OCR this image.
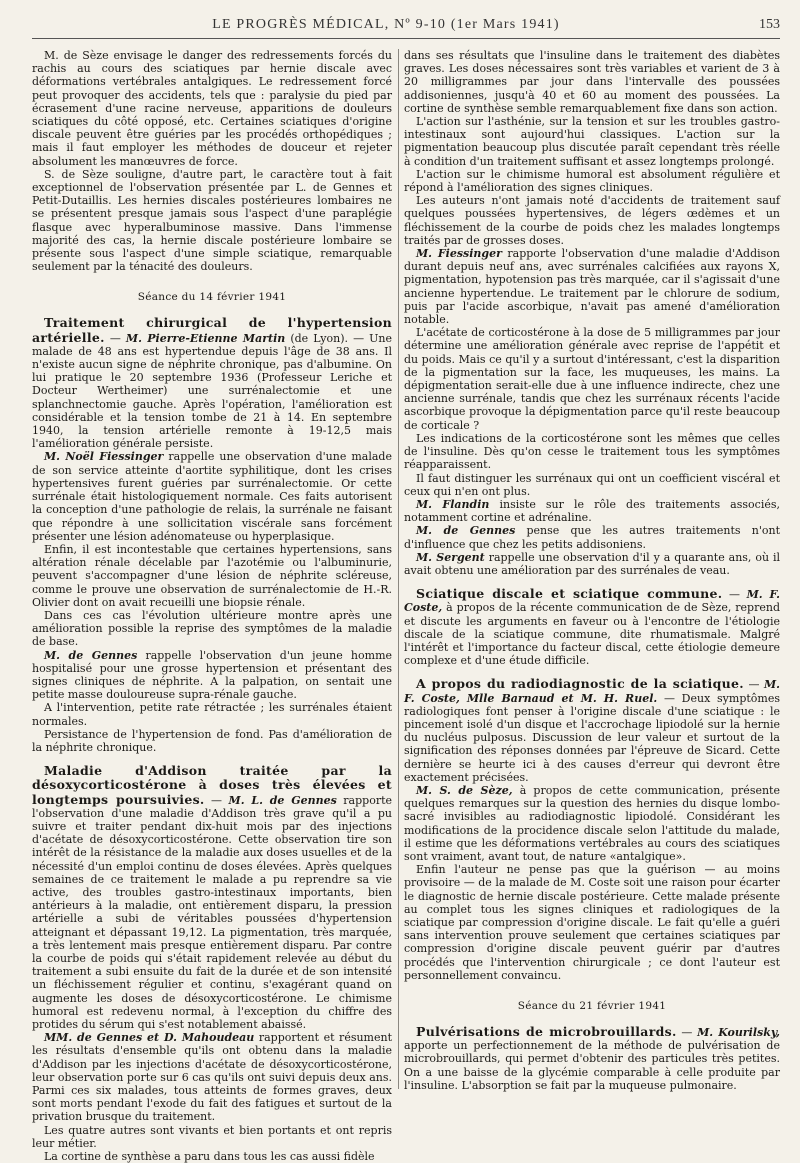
LE PROGRÈS MÉDICAL, Nº 9-10 (1er Mars 1941)	153

M. de Sèze envisage le danger des redressements forcés du rachis au cours des sciatiques par hernie discale avec déformations vertébrales antalgiques. Le redressement forcé peut provoquer des accidents, tels que : paralysie du pied par écrasement d'une racine nerveuse, apparitions de douleurs sciatiques du côté opposé, etc. Certaines sciatiques d'origine discale peuvent être guéries par les procédés orthopédiques ; mais il faut employer les méthodes de douceur et rejeter absolument les manœuvres de force.

S. de Sèze souligne, d'autre part, le caractère tout à fait exceptionnel de l'observation présentée par L. de Gennes et Petit-Dutaillis. Les hernies discales postérieures lombaires ne se présentent presque jamais sous l'aspect d'une paraplégie flasque avec hyperalbuminose massive. Dans l'immense majorité des cas, la hernie discale postérieure lombaire se présente sous l'aspect d'une simple sciatique, remarquable seulement par la ténacité des douleurs.

Séance du 14 février 1941

Traitement chirurgical de l'hypertension artérielle. — M. Pierre-Etienne Martin (de Lyon). — Une malade de 48 ans est hypertendue depuis l'âge de 38 ans. Il n'existe aucun signe de néphrite chronique, pas d'albumine. On lui pratique le 20 septembre 1936 (Professeur Leriche et Docteur Wertheimer) une surrénalectomie et une splanchnectomie gauche. Après l'opération, l'amélioration est considérable et la tension tombe de 21 à 14. En septembre 1940, la tension artérielle remonte à 19-12,5 mais l'amélioration générale persiste.

M. Noël Fiessinger rappelle une observation d'une malade de son service atteinte d'aortite syphilitique, dont les crises hypertensives furent guéries par surrénalectomie. Or cette surrénale était histologiquement normale. Ces faits autorisent la conception d'une pathologie de relais, la surrénale ne faisant que répondre à une sollicitation viscérale sans forcément présenter une lésion adénomateuse ou hyperplasique.

Enfin, il est incontestable que certaines hypertensions, sans altération rénale décelable par l'azotémie ou l'albuminurie, peuvent s'accompagner d'une lésion de néphrite scléreuse, comme le prouve une observation de surrénalectomie de H.-R. Olivier dont on avait recueilli une biopsie rénale.

Dans ces cas l'évolution ultérieure montre après une amélioration possible la reprise des symptômes de la maladie de base.

M. de Gennes rappelle l'observation d'un jeune homme hospitalisé pour une grosse hypertension et présentant des signes cliniques de néphrite. A la palpation, on sentait une petite masse douloureuse supra-rénale gauche.

A l'intervention, petite rate rétractée ; les surrénales étaient normales.

Persistance de l'hypertension de fond. Pas d'amélioration de la néphrite chronique.

Maladie d'Addison traitée par la désoxycorticostérone à doses très élevées et longtemps poursuivies. — M. L. de Gennes rapporte l'observation d'une maladie d'Addison très grave qu'il a pu suivre et traiter pendant dix-huit mois par des injections d'acétate de désoxycorticostérone. Cette observation tire son intérêt de la résistance de la maladie aux doses usuelles et de la nécessité d'un emploi continu de doses élevées. Après quelques semaines de ce traitement le malade a pu reprendre sa vie active, des troubles gastro-intestinaux importants, bien antérieurs à la maladie, ont entièrement disparu, la pression artérielle a subi de véritables poussées d'hypertension atteignant et dépassant 19,12. La pigmentation, très marquée, a très lentement mais presque entièrement disparu. Par contre la courbe de poids qui s'était rapidement relevée au début du traitement a subi ensuite du fait de la durée et de son intensité un fléchissement régulier et continu, s'exagérant quand on augmente les doses de désoxycorticostérone. Le chimisme humoral est redevenu normal, à l'exception du chiffre des protides du sérum qui s'est notablement abaissé.

MM. de Gennes et D. Mahoudeau rapportent et résument les résultats d'ensemble qu'ils ont obtenu dans la maladie d'Addison par les injections d'acétate de désoxycorticostérone, leur observation porte sur 6 cas qu'ils ont suivi depuis deux ans. Parmi ces six malades, tous atteints de formes graves, deux sont morts pendant l'exode du fait des fatigues et surtout de la privation brusque du traitement.

Les quatre autres sont vivants et bien portants et ont repris leur métier.

La cortine de synthèse a paru dans tous les cas aussi fidèle

dans ses résultats que l'insuline dans le traitement des diabètes graves. Les doses nécessaires sont très variables et varient de 3 à 20 milligrammes par jour dans l'intervalle des poussées addisoniennes, jusqu'à 40 et 60 au moment des poussées. La cortine de synthèse semble remarquablement fixe dans son action.

L'action sur l'asthénie, sur la tension et sur les troubles gastro-intestinaux sont aujourd'hui classiques. L'action sur la pigmentation beaucoup plus discutée paraît cependant très réelle à condition d'un traitement suffisant et assez longtemps prolongé.

L'action sur le chimisme humoral est absolument régulière et répond à l'amélioration des signes cliniques.

Les auteurs n'ont jamais noté d'accidents de traitement sauf quelques poussées hypertensives, de légers œdèmes et un fléchissement de la courbe de poids chez les malades longtemps traités par de grosses doses.

M. Fiessinger rapporte l'observation d'une maladie d'Addison durant depuis neuf ans, avec surrénales calcifiées aux rayons X, pigmentation, hypotension pas très marquée, car il s'agissait d'une ancienne hypertendue. Le traitement par le chlorure de sodium, puis par l'acide ascorbique, n'avait pas amené d'amélioration notable.

L'acétate de corticostérone à la dose de 5 milligrammes par jour détermine une amélioration générale avec reprise de l'appétit et du poids. Mais ce qu'il y a surtout d'intéressant, c'est la disparition de la pigmentation sur la face, les muqueuses, les mains. La dépigmentation serait-elle due à une influence indirecte, chez une ancienne surrénale, tandis que chez les surrénaux récents l'acide ascorbique provoque la dépigmentation parce qu'il reste beaucoup de corticale ?

Les indications de la corticostérone sont les mêmes que celles de l'insuline. Dès qu'on cesse le traitement tous les symptômes réapparaissent.

Il faut distinguer les surrénaux qui ont un coefficient viscéral et ceux qui n'en ont plus.

M. Flandin insiste sur le rôle des traitements associés, notamment cortine et adrénaline.

M. de Gennes pense que les autres traitements n'ont d'influence que chez les petits addisoniens.

M. Sergent rappelle une observation d'il y a quarante ans, où il avait obtenu une amélioration par des surrénales de veau.

Sciatique discale et sciatique commune. — M. F. Coste, à propos de la récente communication de de Sèze, reprend et discute les arguments en faveur ou à l'encontre de l'étiologie discale de la sciatique commune, dite rhumatismale. Malgré l'intérêt et l'importance du facteur discal, cette étiologie demeure complexe et d'une étude difficile.

A propos du radiodiagnostic de la sciatique. — M. F. Coste, Mlle Barnaud et M. H. Ruel. — Deux symptômes radiologiques font penser à l'origine discale d'une sciatique : le pincement isolé d'un disque et l'accrochage lipiodolé sur la hernie du nucléus pulposus. Discussion de leur valeur et surtout de la signification des réponses données par l'épreuve de Sicard. Cette dernière se heurte ici à des causes d'erreur qui devront être exactement précisées.

M. S. de Sèze, à propos de cette communication, présente quelques remarques sur la question des hernies du disque lombo-sacré invisibles au radiodiagnostic lipiodolé. Considérant les modifications de la procidence discale selon l'attitude du malade, il estime que les déformations vertébrales au cours des sciatiques sont vraiment, avant tout, de nature «antalgique».

Enfin l'auteur ne pense pas que la guérison — au moins provisoire — de la malade de M. Coste soit une raison pour écarter le diagnostic de hernie discale postérieure. Cette malade présente au complet tous les signes cliniques et radiologiques de la sciatique par compression d'origine discale. Le fait qu'elle a guéri sans intervention prouve seulement que certaines sciatiques par compression d'origine discale peuvent guérir par d'autres procédés que l'intervention chirurgicale ; ce dont l'auteur est personnellement convaincu.

Séance du 21 février 1941

Pulvérisations de microbrouillards. — M. Kourilsky, apporte un perfectionnement de la méthode de pulvérisation de microbrouillards, qui permet d'obtenir des particules très petites. On a une baisse de la glycémie comparable à celle produite par l'insuline. L'absorption se fait par la muqueuse pulmonaire.
